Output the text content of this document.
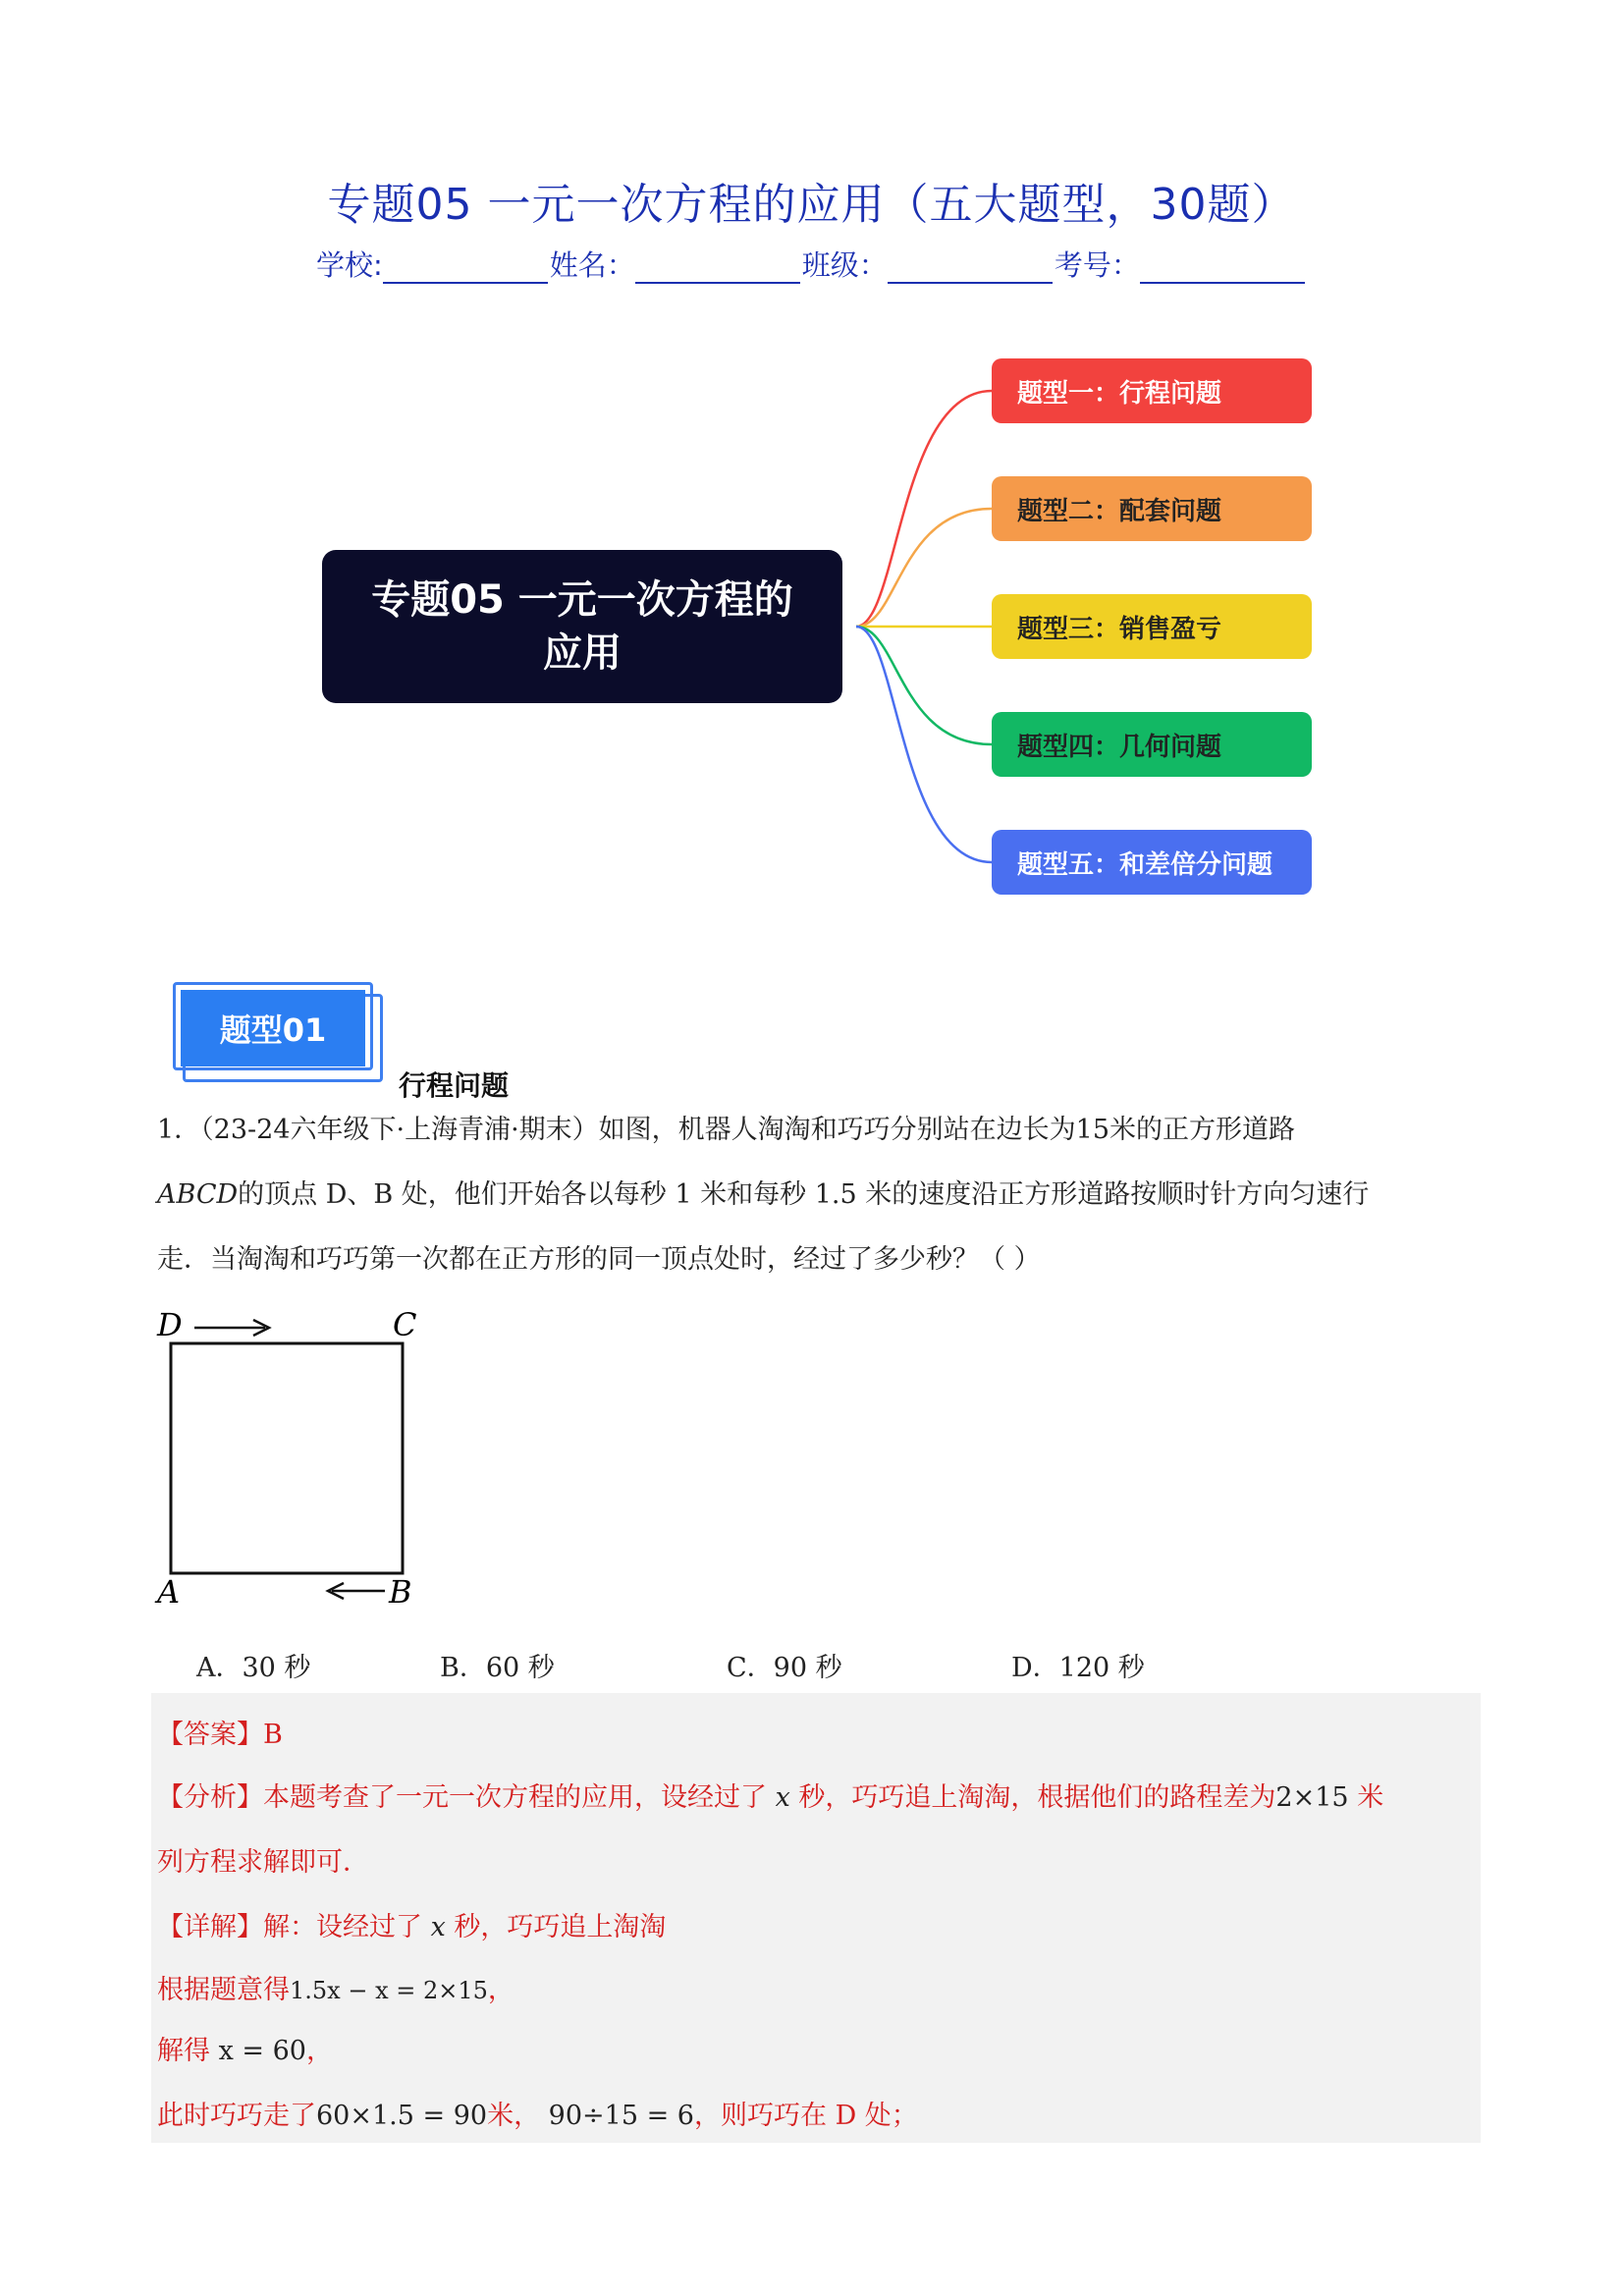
专题05 一元一次方程的应用（五大题型，30题）
学校:	姓名：	班级：	考号：
专题05 一元一次方程的
应用
题型一：行程问题
题型二：配套问题
题型三：销售盈亏
题型四：几何问题
题型五：和差倍分问题
题型01
行程问题
1．（23-24六年级下·上海青浦·期末）如图，机器人淘淘和巧巧分别站在边长为15米的正方形道路
ABCD的顶点 D、B 处，他们开始各以每秒 1 米和每秒 1.5 米的速度沿正方形道路按顺时针方向匀速行
走．当淘淘和巧巧第一次都在正方形的同一顶点处时，经过了多少秒？（ ）
D	C
A	B
A．30 秒	B．60 秒	C．90 秒	D．120 秒
【答案】B
【分析】本题考查了一元一次方程的应用，设经过了 x 秒，巧巧追上淘淘，根据他们的路程差为2×15 米
列方程求解即可．
【详解】解：设经过了 x 秒，巧巧追上淘淘
根据题意得1.5x − x = 2×15，
解得 x = 60，
此时巧巧走了60×1.5 = 90米， 90÷15 = 6，则巧巧在 D 处；
